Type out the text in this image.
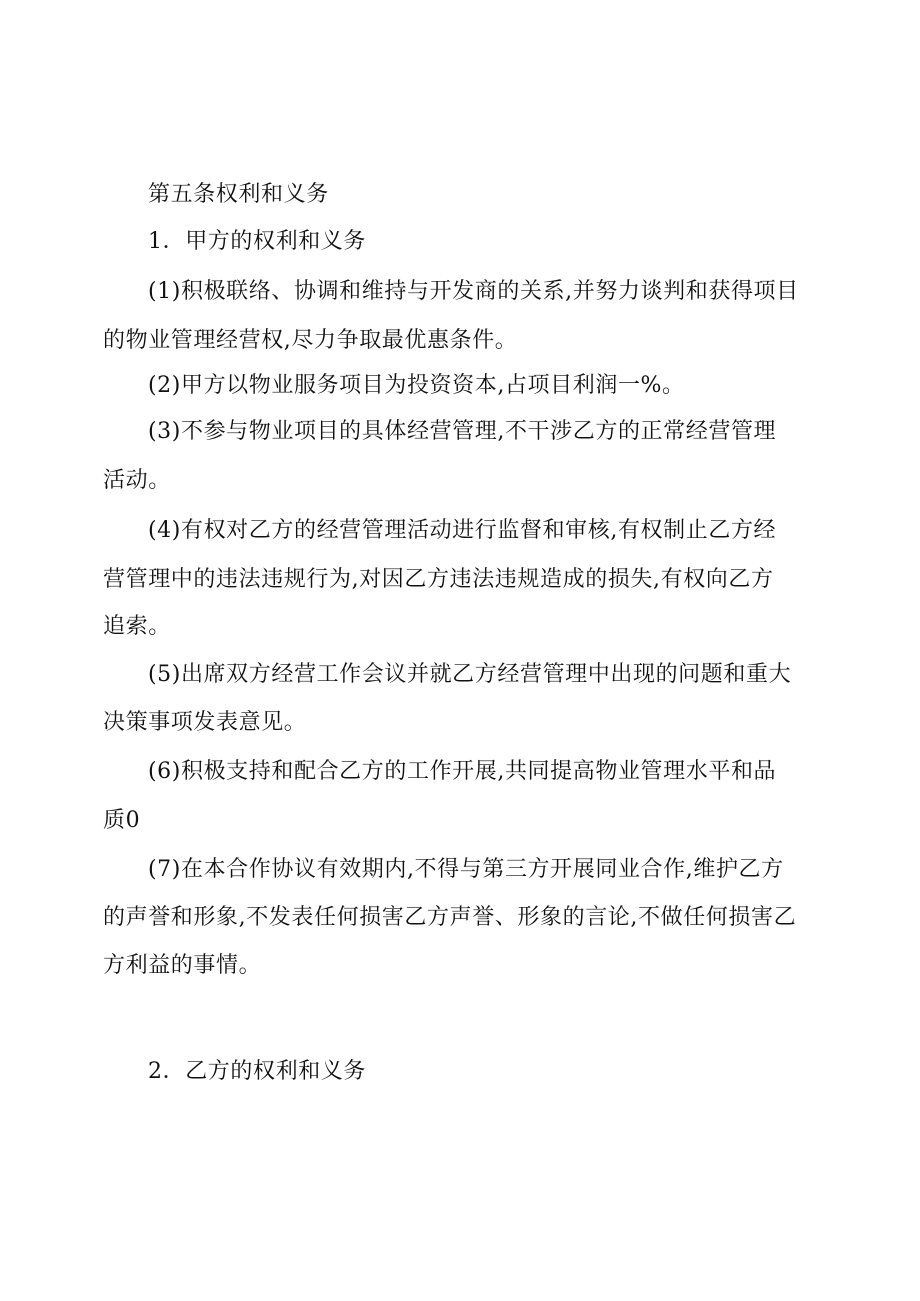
第五条权利和义务
1．甲方的权利和义务
(1)积极联络、协调和维持与开发商的关系,并努力谈判和获得项目
的物业管理经营权,尽力争取最优惠条件。
(2)甲方以物业服务项目为投资资本,占项目利润一%。
(3)不参与物业项目的具体经营管理,不干涉乙方的正常经营管理
活动。
(4)有权对乙方的经营管理活动进行监督和审核,有权制止乙方经
营管理中的违法违规行为,对因乙方违法违规造成的损失,有权向乙方
追索。
(5)出席双方经营工作会议并就乙方经营管理中出现的问题和重大
决策事项发表意见。
(6)积极支持和配合乙方的工作开展,共同提高物业管理水平和品
质0
(7)在本合作协议有效期内,不得与第三方开展同业合作,维护乙方
的声誉和形象,不发表任何损害乙方声誉、形象的言论,不做任何损害乙
方利益的事情。
2．乙方的权利和义务
